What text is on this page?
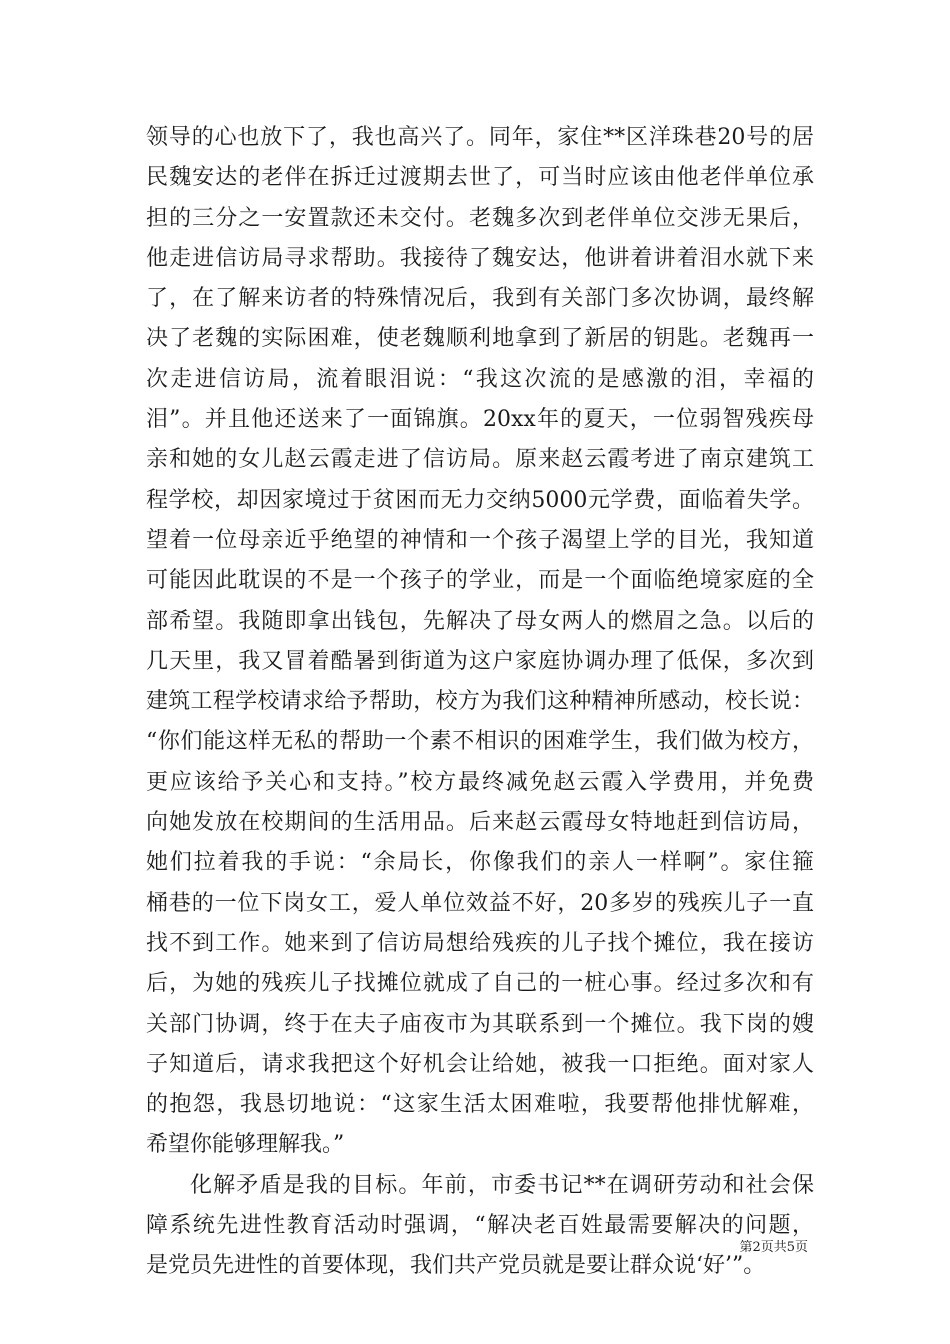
领导的心也放下了，我也高兴了。同年，家住**区洋珠巷20号的居
民魏安达的老伴在拆迁过渡期去世了，可当时应该由他老伴单位承
担的三分之一安置款还未交付。老魏多次到老伴单位交涉无果后，
他走进信访局寻求帮助。我接待了魏安达，他讲着讲着泪水就下来
了，在了解来访者的特殊情况后，我到有关部门多次协调，最终解
决了老魏的实际困难，使老魏顺利地拿到了新居的钥匙。老魏再一
次走进信访局，流着眼泪说：“我这次流的是感激的泪，幸福的
泪”。并且他还送来了一面锦旗。20xx年的夏天，一位弱智残疾母
亲和她的女儿赵云霞走进了信访局。原来赵云霞考进了南京建筑工
程学校，却因家境过于贫困而无力交纳5000元学费，面临着失学。
望着一位母亲近乎绝望的神情和一个孩子渴望上学的目光，我知道
可能因此耽误的不是一个孩子的学业，而是一个面临绝境家庭的全
部希望。我随即拿出钱包，先解决了母女两人的燃眉之急。以后的
几天里，我又冒着酷暑到街道为这户家庭协调办理了低保，多次到
建筑工程学校请求给予帮助，校方为我们这种精神所感动，校长说：
“你们能这样无私的帮助一个素不相识的困难学生，我们做为校方，
更应该给予关心和支持。”校方最终减免赵云霞入学费用，并免费
向她发放在校期间的生活用品。后来赵云霞母女特地赶到信访局，
她们拉着我的手说：“余局长，你像我们的亲人一样啊”。家住箍
桶巷的一位下岗女工，爱人单位效益不好，20多岁的残疾儿子一直
找不到工作。她来到了信访局想给残疾的儿子找个摊位，我在接访
后，为她的残疾儿子找摊位就成了自己的一桩心事。经过多次和有
关部门协调，终于在夫子庙夜市为其联系到一个摊位。我下岗的嫂
子知道后，请求我把这个好机会让给她，被我一口拒绝。面对家人
的抱怨，我恳切地说：“这家生活太困难啦，我要帮他排忧解难，
希望你能够理解我。”
化解矛盾是我的目标。年前，市委书记**在调研劳动和社会保
障系统先进性教育活动时强调，“解决老百姓最需要解决的问题，
是党员先进性的首要体现，我们共产党员就是要让群众说‘好’”。
第2页共5页
